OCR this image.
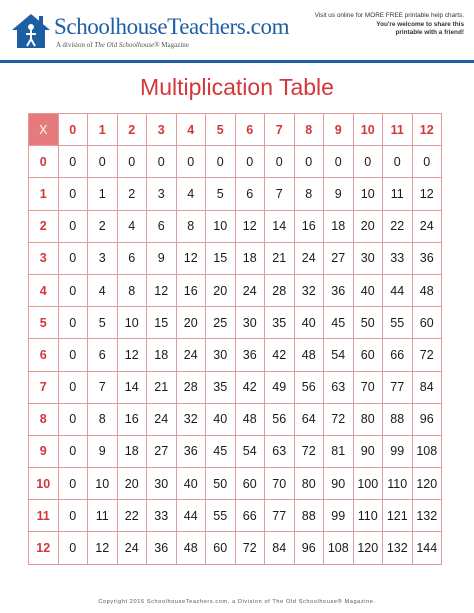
SchoolhouseTeachers.com
A division of The Old Schoolhouse® Magazine
Visit us online for MORE FREE printable help charts.
You're welcome to share this
printable with a friend!
Multiplication Table
X	0	1	2	3	4	5	6	7	8	9	10	11	12
0	0	0	0	0	0	0	0	0	0	0	0	0	0
1	0	1	2	3	4	5	6	7	8	9	10	11	12
2	0	2	4	6	8	10	12	14	16	18	20	22	24
3	0	3	6	9	12	15	18	21	24	27	30	33	36
4	0	4	8	12	16	20	24	28	32	36	40	44	48
5	0	5	10	15	20	25	30	35	40	45	50	55	60
6	0	6	12	18	24	30	36	42	48	54	60	66	72
7	0	7	14	21	28	35	42	49	56	63	70	77	84
8	0	8	16	24	32	40	48	56	64	72	80	88	96
9	0	9	18	27	36	45	54	63	72	81	90	99	108
10	0	10	20	30	40	50	60	70	80	90	100	110	120
11	0	11	22	33	44	55	66	77	88	99	110	121	132
12	0	12	24	36	48	60	72	84	96	108	120	132	144
Copyright 2016 SchoolhouseTeachers.com, a Division of The Old Schoolhouse® Magazine.
